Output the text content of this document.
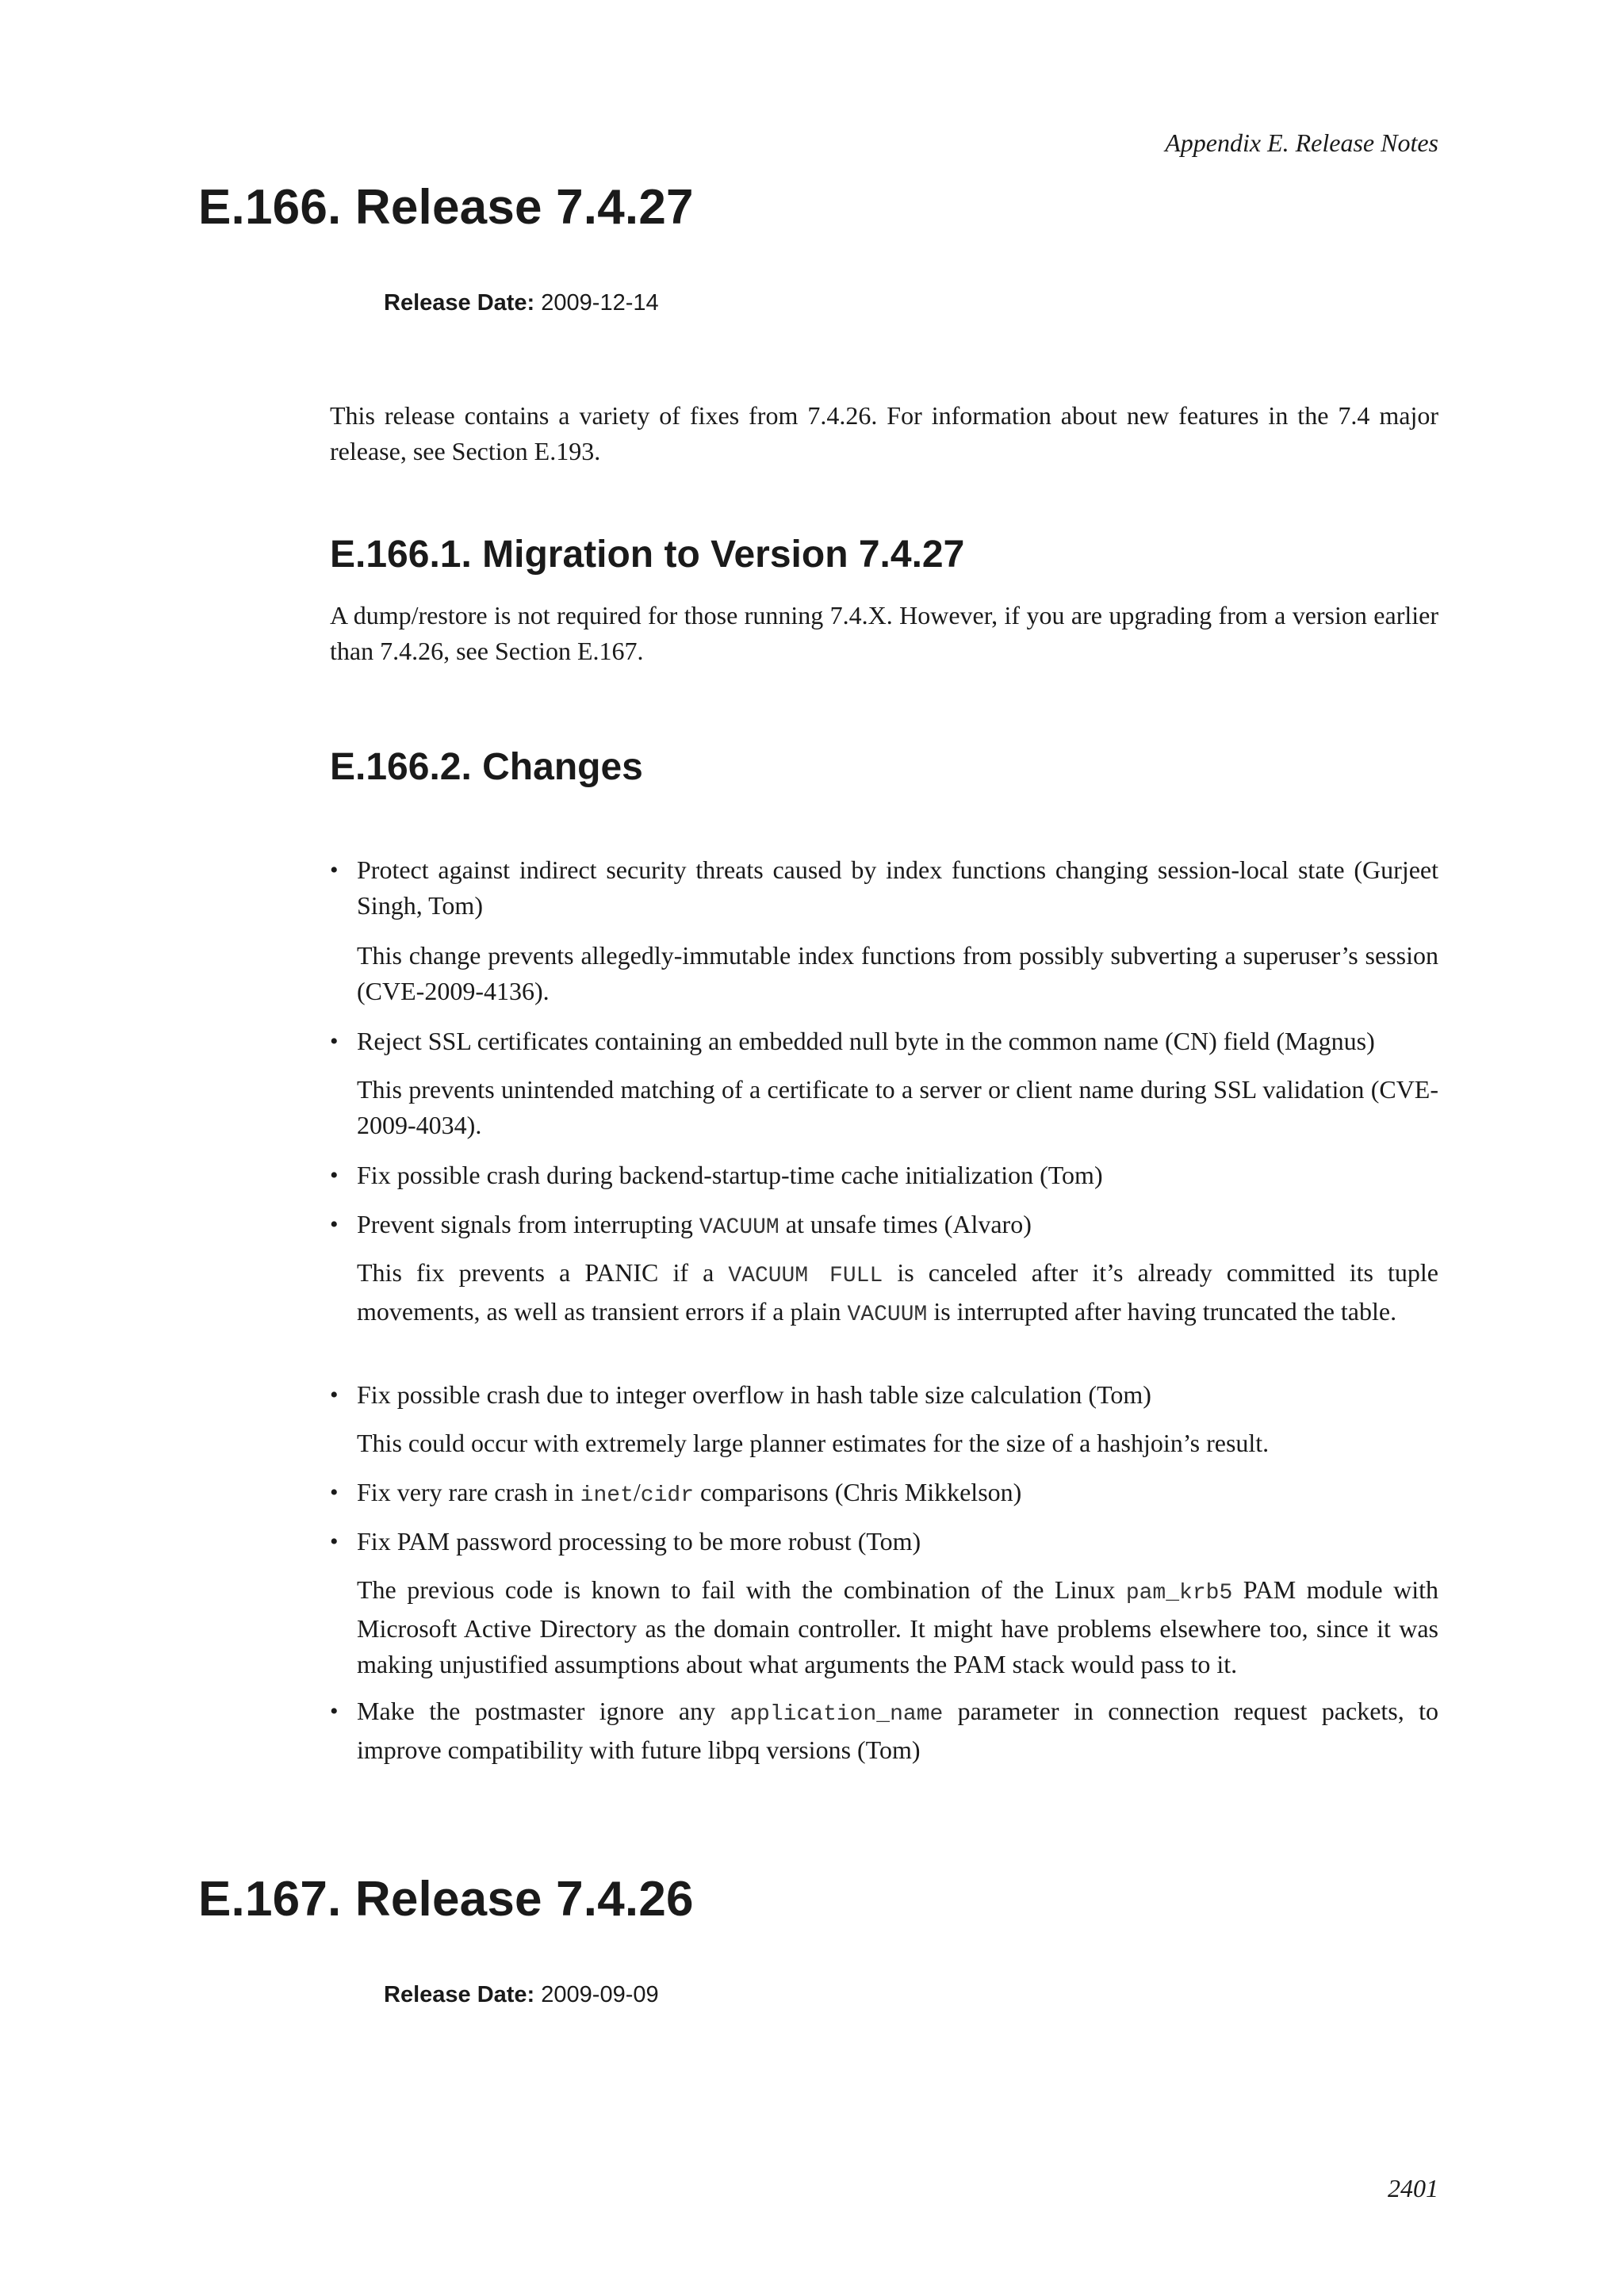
Appendix E. Release Notes
E.166. Release 7.4.27
Release Date: 2009-12-14

This release contains a variety of fixes from 7.4.26. For information about new features in the 7.4 major release, see Section E.193.

E.166.1. Migration to Version 7.4.27

A dump/restore is not required for those running 7.4.X. However, if you are upgrading from a version earlier than 7.4.26, see Section E.167.

E.166.2. Changes
• Protect against indirect security threats caused by index functions changing session-local state (Gurjeet Singh, Tom)

This change prevents allegedly-immutable index functions from possibly subverting a superuser’s session (CVE-2009-4136).

• Reject SSL certificates containing an embedded null byte in the common name (CN) field (Magnus)

This prevents unintended matching of a certificate to a server or client name during SSL validation (CVE-2009-4034).

• Fix possible crash during backend-startup-time cache initialization (Tom)
• Prevent signals from interrupting VACUUM at unsafe times (Alvaro)

This fix prevents a PANIC if a VACUUM FULL is canceled after it’s already committed its tuple movements, as well as transient errors if a plain VACUUM is interrupted after having truncated the table.

• Fix possible crash due to integer overflow in hash table size calculation (Tom)

This could occur with extremely large planner estimates for the size of a hashjoin’s result.

• Fix very rare crash in inet/cidr comparisons (Chris Mikkelson)
• Fix PAM password processing to be more robust (Tom)

The previous code is known to fail with the combination of the Linux pam_krb5 PAM module with Microsoft Active Directory as the domain controller. It might have problems elsewhere too, since it was making unjustified assumptions about what arguments the PAM stack would pass to it.

• Make the postmaster ignore any application_name parameter in connection request packets, to improve compatibility with future libpq versions (Tom)
E.167. Release 7.4.26
Release Date: 2009-09-09
2401
